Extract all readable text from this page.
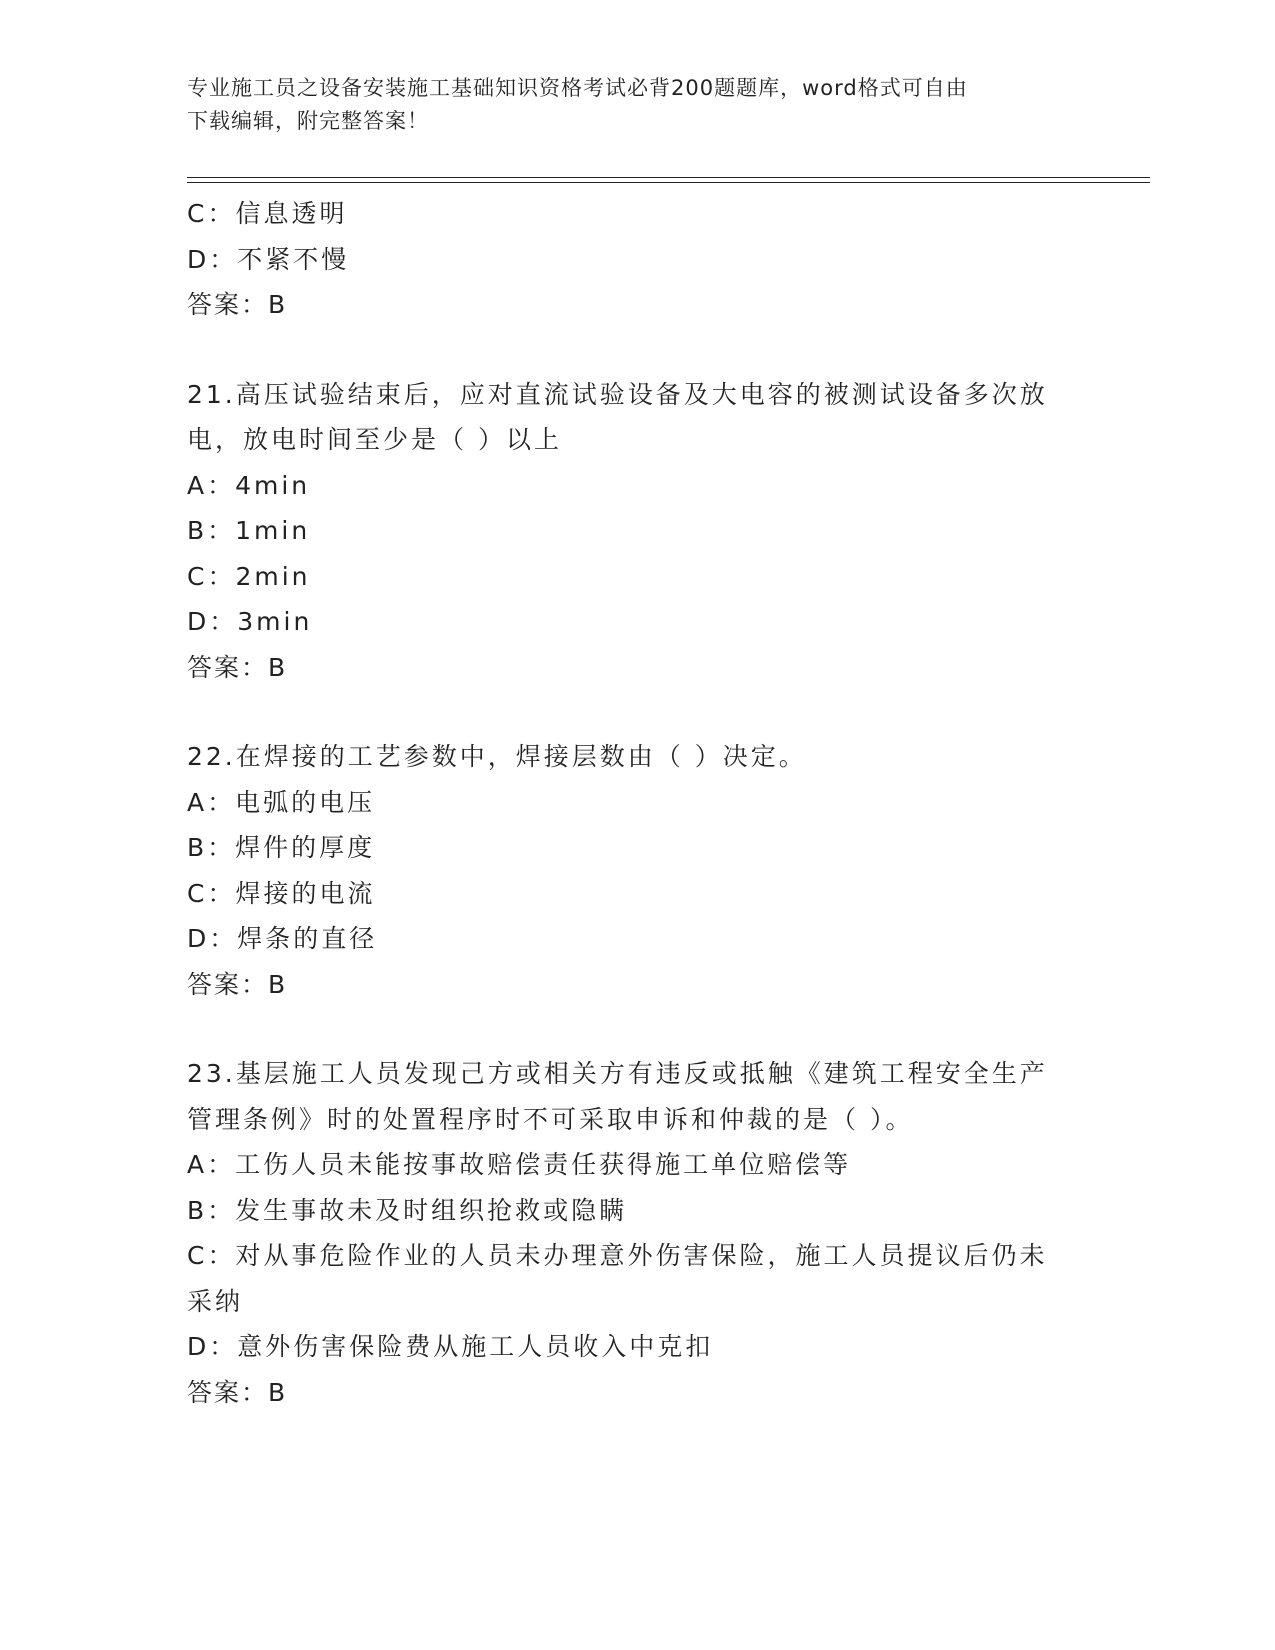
专业施工员之设备安装施工基础知识资格考试必背200题题库，word格式可自由
下载编辑，附完整答案！
C：信息透明
D：不紧不慢
答案：B
21.高压试验结束后，应对直流试验设备及大电容的被测试设备多次放
电，放电时间至少是（ ）以上
A：4min
B：1min
C：2min
D：3min
答案：B
22.在焊接的工艺参数中，焊接层数由（ ）决定。
A：电弧的电压
B：焊件的厚度
C：焊接的电流
D：焊条的直径
答案：B
23.基层施工人员发现己方或相关方有违反或抵触《建筑工程安全生产
管理条例》时的处置程序时不可采取申诉和仲裁的是（ ）。
A：工伤人员未能按事故赔偿责任获得施工单位赔偿等
B：发生事故未及时组织抢救或隐瞒
C：对从事危险作业的人员未办理意外伤害保险，施工人员提议后仍未
采纳
D：意外伤害保险费从施工人员收入中克扣
答案：B
